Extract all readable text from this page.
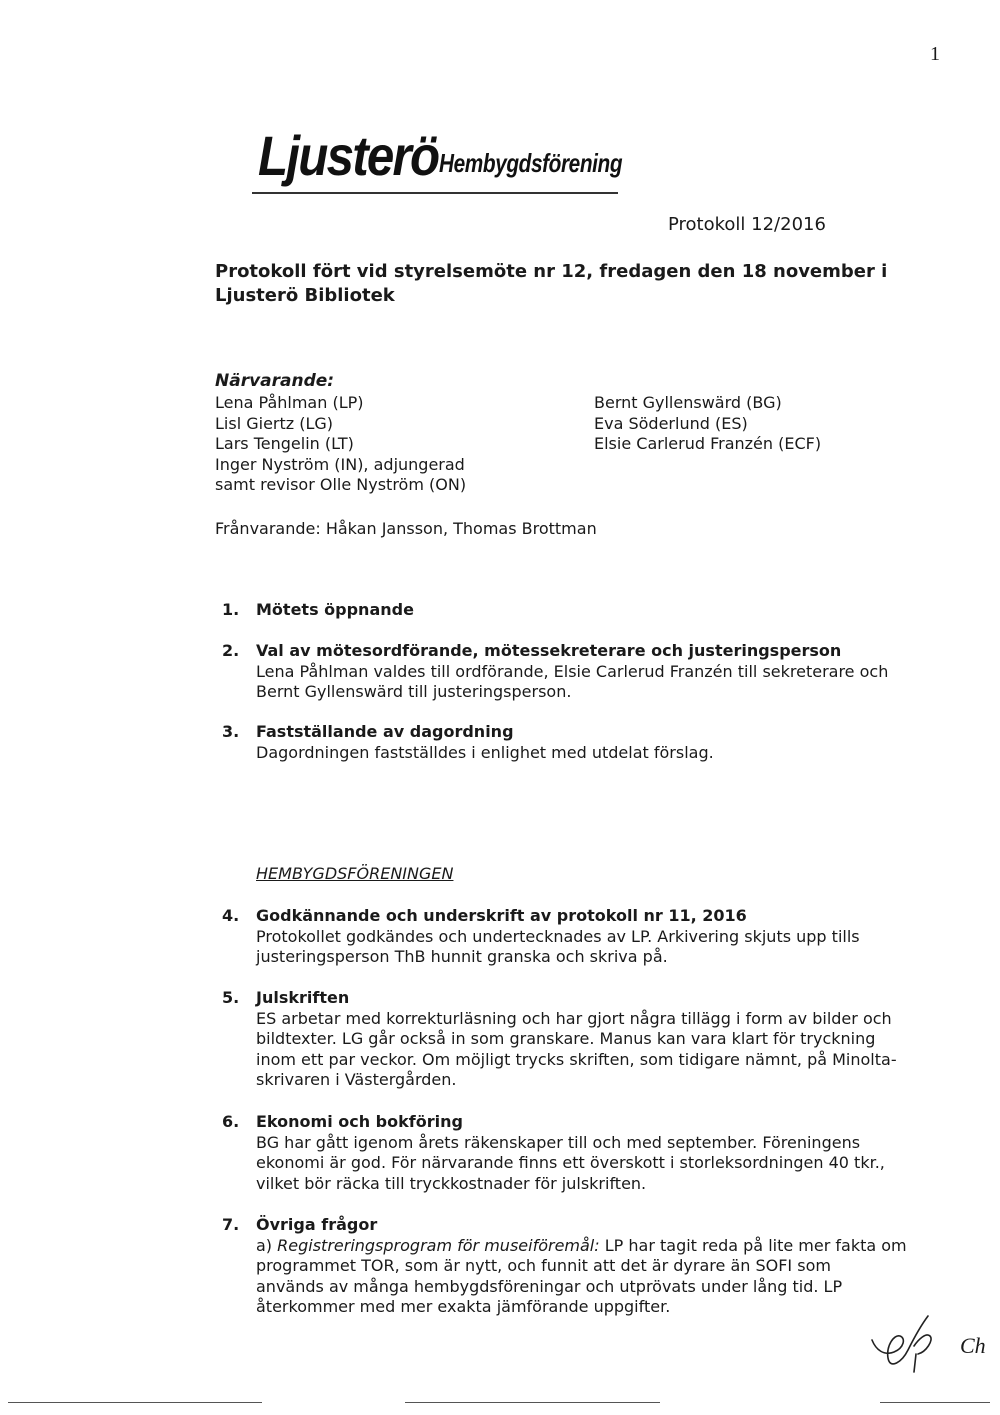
1
Ljusterö Hembygdsförening
Protokoll 12/2016
Protokoll fört vid styrelsemöte nr 12, fredagen den 18 november i
Ljusterö Bibliotek
Närvarande:
Lena Påhlman (LP)
Lisl Giertz (LG)
Lars Tengelin (LT)
Inger Nyström (IN), adjungerad
samt revisor Olle Nyström (ON)
Bernt Gyllenswärd (BG)
Eva Söderlund (ES)
Elsie Carlerud Franzén (ECF)
Frånvarande: Håkan Jansson, Thomas Brottman
1. Mötets öppnande
2. Val av mötesordförande, mötessekreterare och justeringsperson
Lena Påhlman valdes till ordförande, Elsie Carlerud Franzén till sekreterare och
Bernt Gyllenswärd till justeringsperson.
3. Fastställande av dagordning
Dagordningen fastställdes i enlighet med utdelat förslag.
HEMBYGDSFÖRENINGEN
4. Godkännande och underskrift av protokoll nr 11, 2016
Protokollet godkändes och undertecknades av LP. Arkivering skjuts upp tills
justeringsperson ThB hunnit granska och skriva på.
5. Julskriften
ES arbetar med korrekturläsning och har gjort några tillägg i form av bilder och
bildtexter. LG går också in som granskare. Manus kan vara klart för tryckning
inom ett par veckor. Om möjligt trycks skriften, som tidigare nämnt, på Minolta-
skrivaren i Västergården.
6. Ekonomi och bokföring
BG har gått igenom årets räkenskaper till och med september. Föreningens
ekonomi är god. För närvarande finns ett överskott i storleksordningen 40 tkr.,
vilket bör räcka till tryckkostnader för julskriften.
7. Övriga frågor
a) Registreringsprogram för museiföremål: LP har tagit reda på lite mer fakta om
programmet TOR, som är nytt, och funnit att det är dyrare än SOFI som
används av många hembygdsföreningar och utprövats under lång tid. LP
återkommer med mer exakta jämförande uppgifter.
Ch
